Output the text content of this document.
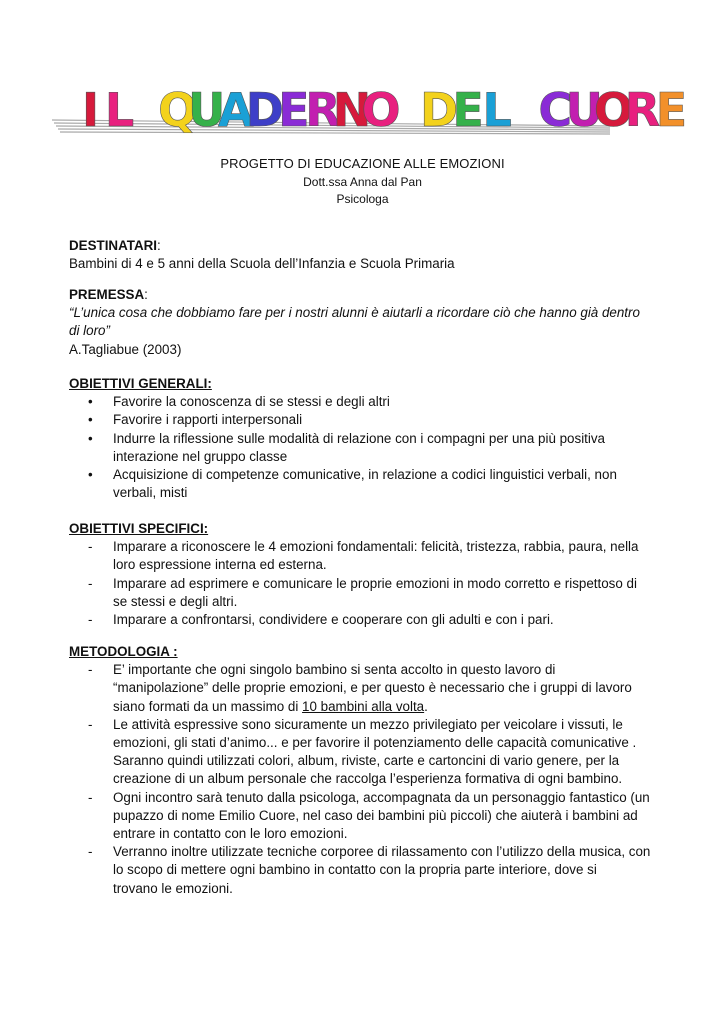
I L Q
U
A
D
E
R
N
O D
E
L C
U
O
R
E
PROGETTO DI EDUCAZIONE ALLE EMOZIONI
Dott.ssa Anna dal Pan
Psicologa
DESTINATARI:
Bambini di 4 e 5 anni della Scuola dell’Infanzia e Scuola Primaria
PREMESSA:
“L’unica cosa che dobbiamo fare per i nostri alunni è aiutarli a ricordare ciò che hanno già dentro
di loro”
A.Tagliabue (2003)
OBIETTIVI GENERALI:
• Favorire la conoscenza di se stessi e degli altri
• Favorire i rapporti interpersonali
• Indurre la riflessione sulle modalità di relazione con i compagni per una più positiva
interazione nel gruppo classe
• Acquisizione di competenze comunicative, in relazione a codici linguistici verbali, non
verbali, misti
OBIETTIVI SPECIFICI:
- Imparare a riconoscere le 4 emozioni fondamentali: felicità, tristezza, rabbia, paura, nella
loro espressione interna ed esterna.
- Imparare ad esprimere e comunicare le proprie emozioni in modo corretto e rispettoso di
se stessi e degli altri.
- Imparare a confrontarsi, condividere e cooperare con gli adulti e con i pari.
METODOLOGIA :
- E’ importante che ogni singolo bambino si senta accolto in questo lavoro di
“manipolazione” delle proprie emozioni, e per questo è necessario che i gruppi di lavoro
siano formati da un massimo di 10 bambini alla volta.
- Le attività espressive sono sicuramente un mezzo privilegiato per veicolare i vissuti, le
emozioni, gli stati d’animo... e per favorire il potenziamento delle capacità comunicative .
Saranno quindi utilizzati colori, album, riviste, carte e cartoncini di vario genere, per la
creazione di un album personale che raccolga l’esperienza formativa di ogni bambino.
- Ogni incontro sarà tenuto dalla psicologa, accompagnata da un personaggio fantastico (un
pupazzo di nome Emilio Cuore, nel caso dei bambini più piccoli) che aiuterà i bambini ad
entrare in contatto con le loro emozioni.
- Verranno inoltre utilizzate tecniche corporee di rilassamento con l’utilizzo della musica, con
lo scopo di mettere ogni bambino in contatto con la propria parte interiore, dove si
trovano le emozioni.
